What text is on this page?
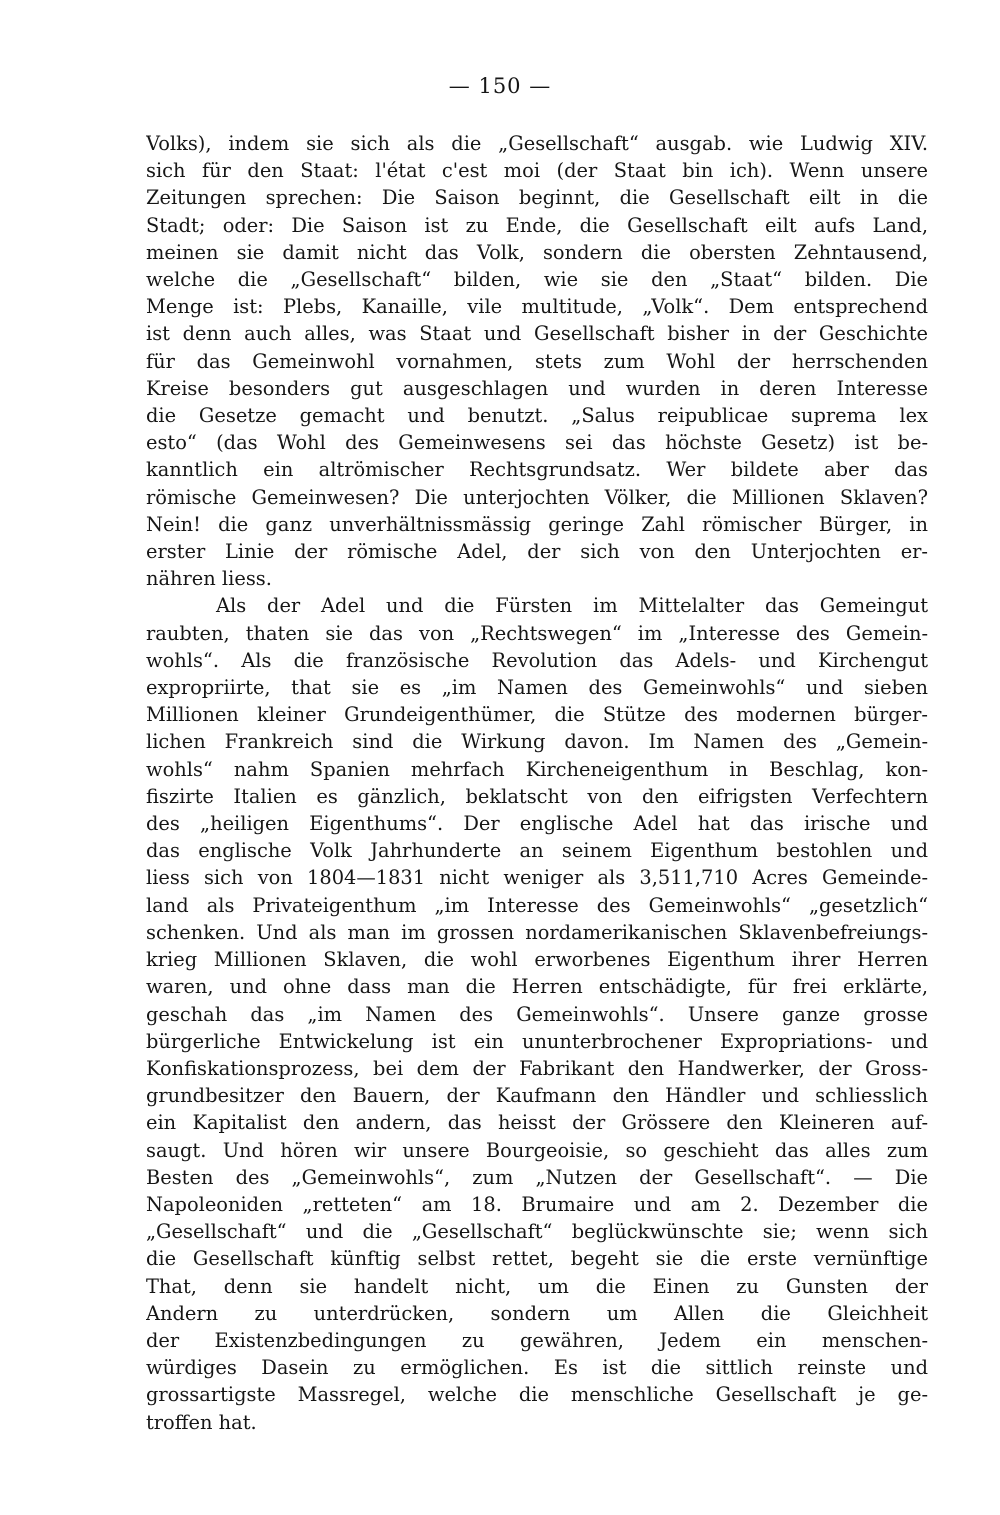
— 150 —
Volks), indem sie sich als die „Gesellschaft“ ausgab. wie Ludwig XIV.
sich für den Staat: l'état c'est moi (der Staat bin ich). Wenn unsere
Zeitungen sprechen: Die Saison beginnt, die Gesellschaft eilt in die
Stadt; oder: Die Saison ist zu Ende, die Gesellschaft eilt aufs Land,
meinen sie damit nicht das Volk, sondern die obersten Zehntausend,
welche die „Gesellschaft“ bilden, wie sie den „Staat“ bilden. Die
Menge ist: Plebs, Kanaille, vile multitude, „Volk“. Dem entsprechend
ist denn auch alles, was Staat und Gesellschaft bisher in der Geschichte
für das Gemeinwohl vornahmen, stets zum Wohl der herrschenden
Kreise besonders gut ausgeschlagen und wurden in deren Interesse
die Gesetze gemacht und benutzt. „Salus reipublicae suprema lex
esto“ (das Wohl des Gemeinwesens sei das höchste Gesetz) ist be-
kanntlich ein altrömischer Rechtsgrundsatz. Wer bildete aber das
römische Gemeinwesen? Die unterjochten Völker, die Millionen Sklaven?
Nein! die ganz unverhältnissmässig geringe Zahl römischer Bürger, in
erster Linie der römische Adel, der sich von den Unterjochten er-
nähren liess.
Als der Adel und die Fürsten im Mittelalter das Gemeingut
raubten, thaten sie das von „Rechtswegen“ im „Interesse des Gemein-
wohls“. Als die französische Revolution das Adels- und Kirchengut
expropriirte, that sie es „im Namen des Gemeinwohls“ und sieben
Millionen kleiner Grundeigenthümer, die Stütze des modernen bürger-
lichen Frankreich sind die Wirkung davon. Im Namen des „Gemein-
wohls“ nahm Spanien mehrfach Kircheneigenthum in Beschlag, kon-
fiszirte Italien es gänzlich, beklatscht von den eifrigsten Verfechtern
des „heiligen Eigenthums“. Der englische Adel hat das irische und
das englische Volk Jahrhunderte an seinem Eigenthum bestohlen und
liess sich von 1804—1831 nicht weniger als 3,511,710 Acres Gemeinde-
land als Privateigenthum „im Interesse des Gemeinwohls“ „gesetzlich“
schenken. Und als man im grossen nordamerikanischen Sklavenbefreiungs-
krieg Millionen Sklaven, die wohl erworbenes Eigenthum ihrer Herren
waren, und ohne dass man die Herren entschädigte, für frei erklärte,
geschah das „im Namen des Gemeinwohls“. Unsere ganze grosse
bürgerliche Entwickelung ist ein ununterbrochener Expropriations- und
Konfiskationsprozess, bei dem der Fabrikant den Handwerker, der Gross-
grundbesitzer den Bauern, der Kaufmann den Händler und schliesslich
ein Kapitalist den andern, das heisst der Grössere den Kleineren auf-
saugt. Und hören wir unsere Bourgeoisie, so geschieht das alles zum
Besten des „Gemeinwohls“, zum „Nutzen der Gesellschaft“. — Die
Napoleoniden „retteten“ am 18. Brumaire und am 2. Dezember die
„Gesellschaft“ und die „Gesellschaft“ beglückwünschte sie; wenn sich
die Gesellschaft künftig selbst rettet, begeht sie die erste vernünftige
That, denn sie handelt nicht, um die Einen zu Gunsten der
Andern zu unterdrücken, sondern um Allen die Gleichheit
der Existenzbedingungen zu gewähren, Jedem ein menschen-
würdiges Dasein zu ermöglichen. Es ist die sittlich reinste und
grossartigste Massregel, welche die menschliche Gesellschaft je ge-
troffen hat.
